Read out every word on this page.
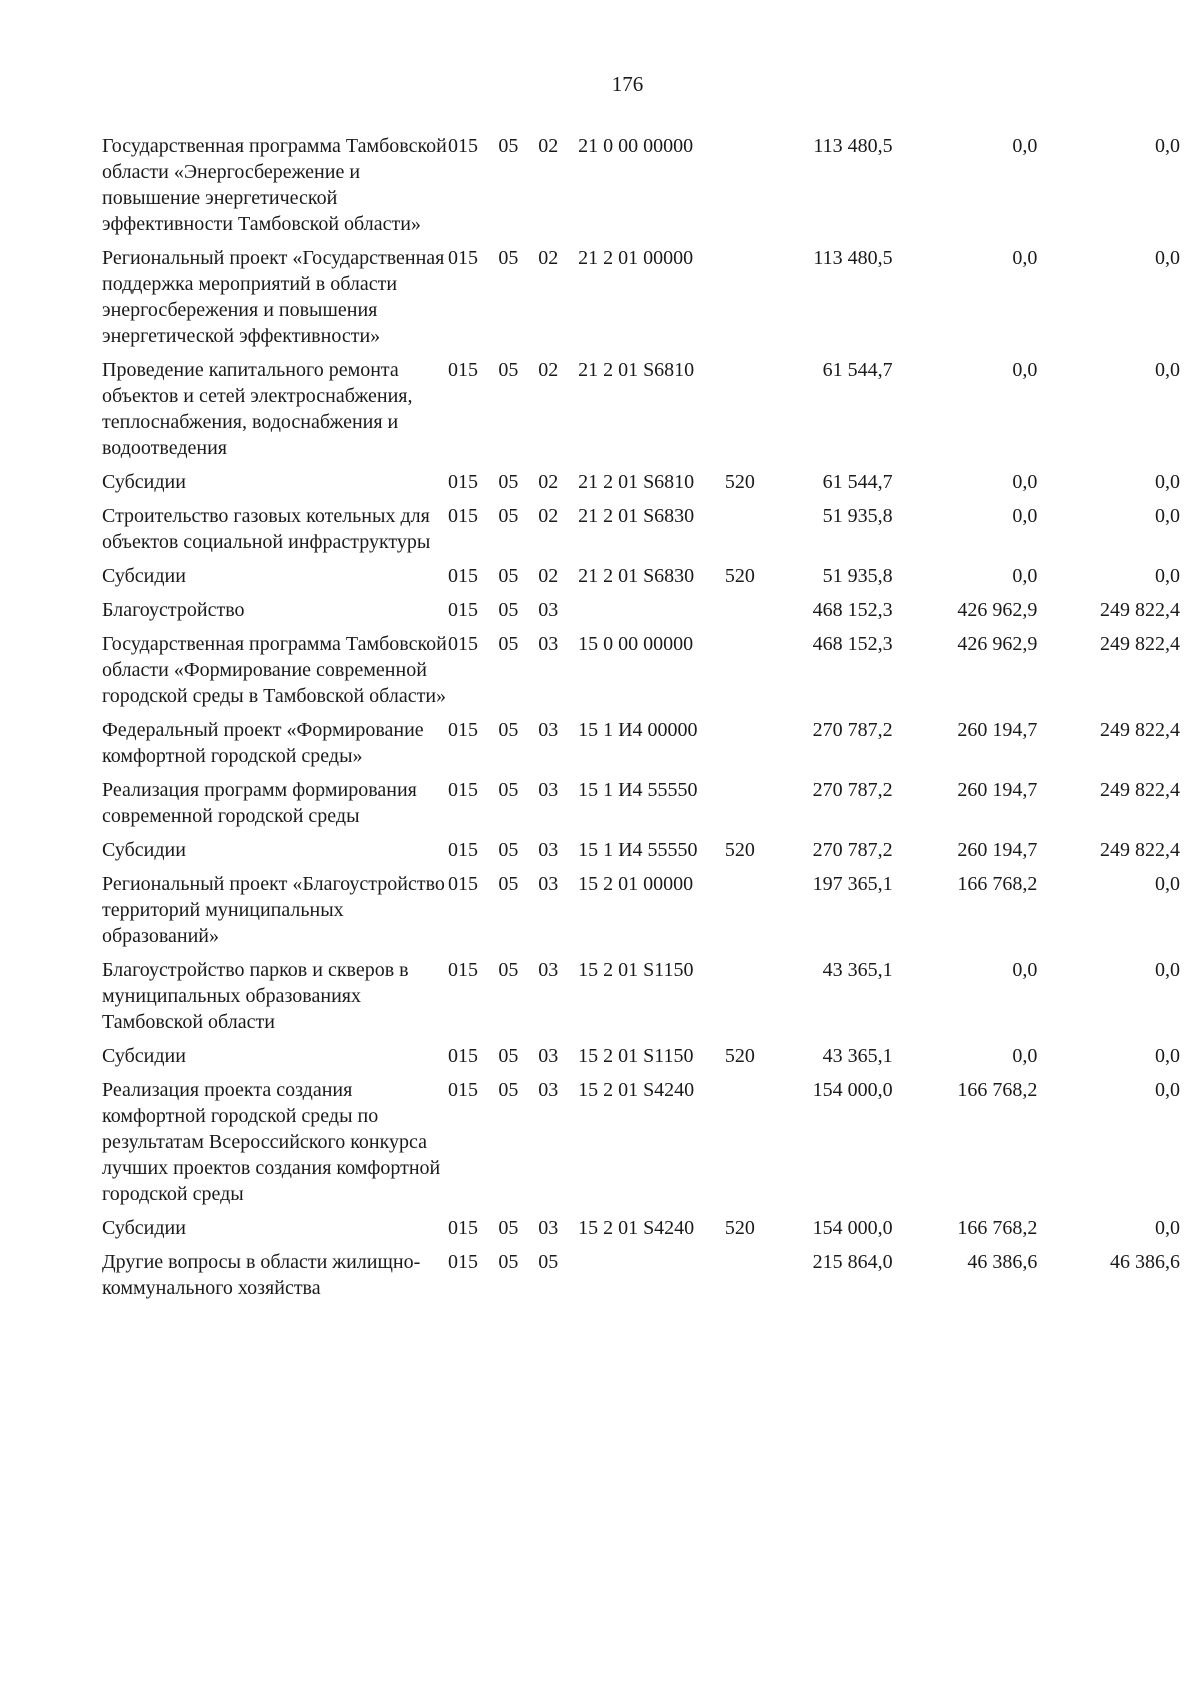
176
Государственная программа Тамбовской области «Энергосбережение и повышение энергетической эффективности Тамбовской области»	015	05	02	21 0 00 00000		113 480,5	0,0	0,0
Региональный проект «Государственная поддержка мероприятий в области энергосбережения и повышения энергетической эффективности»	015	05	02	21 2 01 00000		113 480,5	0,0	0,0
Проведение капитального ремонта объектов и сетей электроснабжения, теплоснабжения, водоснабжения и водоотведения	015	05	02	21 2 01 S6810		61 544,7	0,0	0,0
Субсидии	015	05	02	21 2 01 S6810	520	61 544,7	0,0	0,0
Строительство газовых котельных для объектов социальной инфраструктуры	015	05	02	21 2 01 S6830		51 935,8	0,0	0,0
Субсидии	015	05	02	21 2 01 S6830	520	51 935,8	0,0	0,0
Благоустройство	015	05	03			468 152,3	426 962,9	249 822,4
Государственная программа Тамбовской области «Формирование современной городской среды в Тамбовской области»	015	05	03	15 0 00 00000		468 152,3	426 962,9	249 822,4
Федеральный проект «Формирование комфортной городской среды»	015	05	03	15 1 И4 00000		270 787,2	260 194,7	249 822,4
Реализация программ формирования современной городской среды	015	05	03	15 1 И4 55550		270 787,2	260 194,7	249 822,4
Субсидии	015	05	03	15 1 И4 55550	520	270 787,2	260 194,7	249 822,4
Региональный проект «Благоустройство территорий муниципальных образований»	015	05	03	15 2 01 00000		197 365,1	166 768,2	0,0
Благоустройство парков и скверов в муниципальных образованиях Тамбовской области	015	05	03	15 2 01 S1150		43 365,1	0,0	0,0
Субсидии	015	05	03	15 2 01 S1150	520	43 365,1	0,0	0,0
Реализация проекта создания комфортной городской среды по результатам Всероссийского конкурса лучших проектов создания комфортной городской среды	015	05	03	15 2 01 S4240		154 000,0	166 768,2	0,0
Субсидии	015	05	03	15 2 01 S4240	520	154 000,0	166 768,2	0,0
Другие вопросы в области жилищно-коммунального хозяйства	015	05	05			215 864,0	46 386,6	46 386,6
